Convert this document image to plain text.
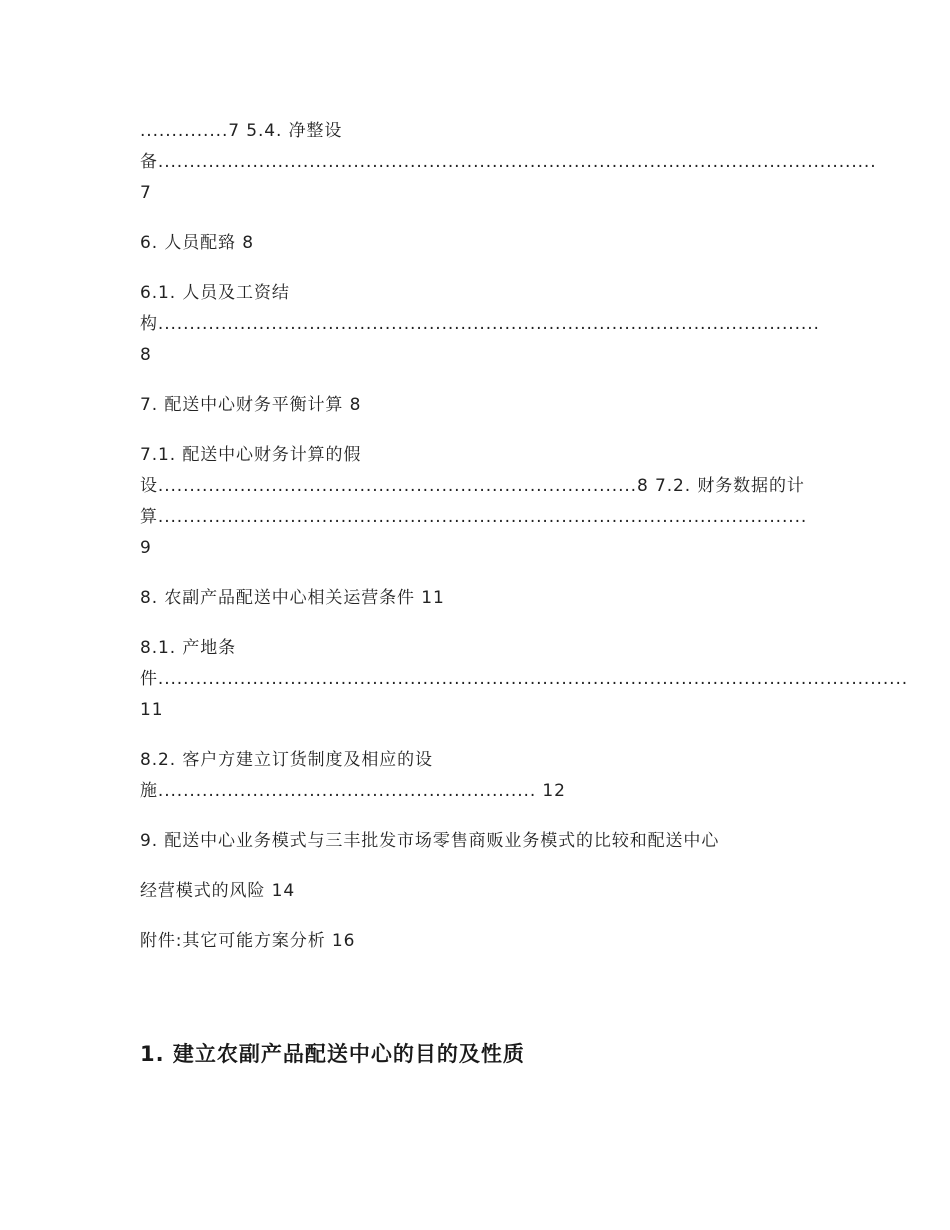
..............7 5.4. 净整设备..................................................................................................................7

6. 人员配臵 8

6.1. 人员及工资结构.........................................................................................................8

7. 配送中心财务平衡计算 8

7.1. 配送中心财务计算的假设............................................................................8 7.2. 财务数据的计算.......................................................................................................9

8. 农副产品配送中心相关运营条件 11

8.1. 产地条件.......................................................................................................................11

8.2. 客户方建立订货制度及相应的设施............................................................ 12

9. 配送中心业务模式与三丰批发市场零售商贩业务模式的比较和配送中心

经营模式的风险 14

附件:其它可能方案分析 16

1. 建立农副产品配送中心的目的及性质
